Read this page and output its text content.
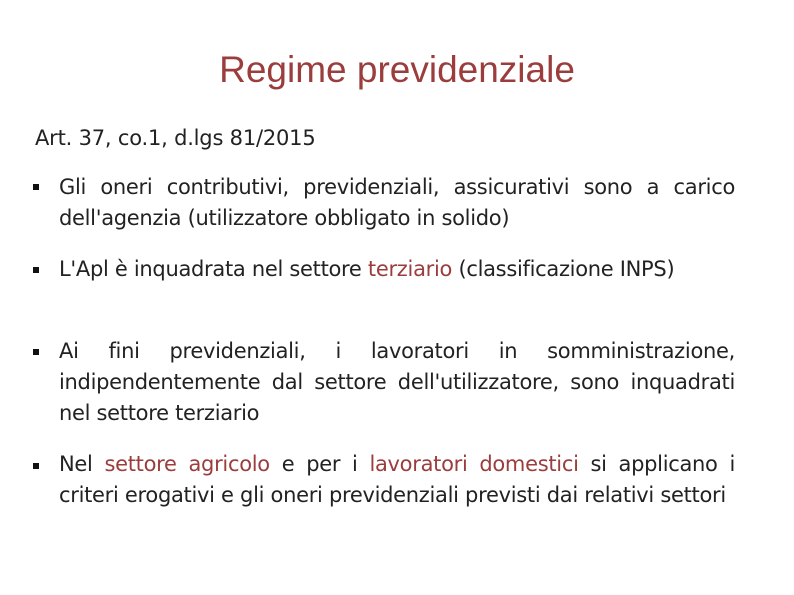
Regime previdenziale
Art. 37, co.1, d.lgs 81/2015
Gli oneri contributivi, previdenziali, assicurativi sono a carico dell'agenzia (utilizzatore obbligato in solido)
L'Apl è inquadrata nel settore terziario (classificazione INPS)
Ai fini previdenziali, i lavoratori in somministrazione, indipendentemente dal settore dell'utilizzatore, sono inquadrati nel settore terziario
Nel settore agricolo e per i lavoratori domestici si applicano i criteri erogativi e gli oneri previdenziali previsti dai relativi settori
